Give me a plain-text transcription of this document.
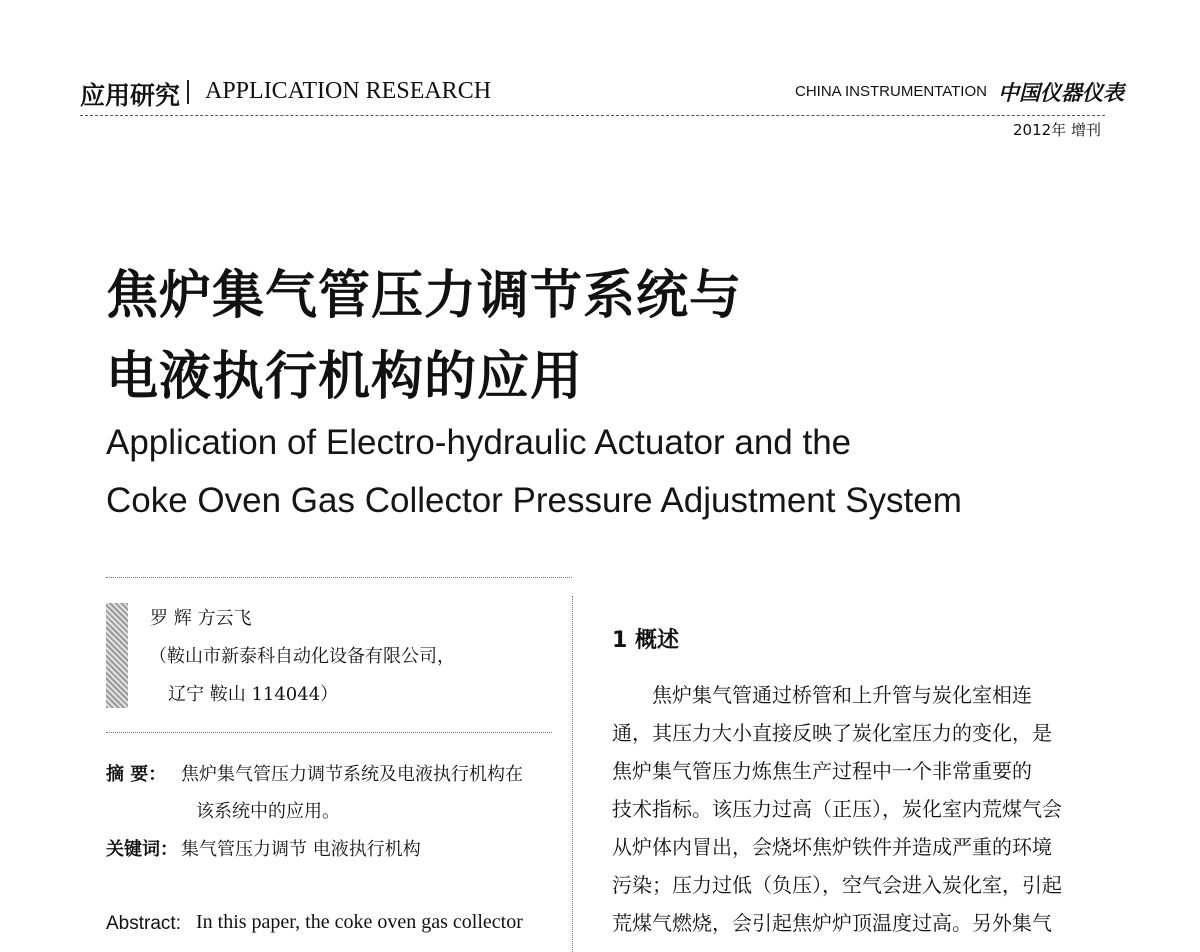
应用研究 APPLICATION RESEARCH	CHINA INSTRUMENTATION 中国仪器仪表
2012年 增刊
焦炉集气管压力调节系统与
电液执行机构的应用
Application of Electro-hydraulic Actuator and the
Coke Oven Gas Collector Pressure Adjustment System
罗 辉 方云飞
（鞍山市新泰科自动化设备有限公司，
辽宁 鞍山 114044）
摘 要： 焦炉集气管压力调节系统及电液执行机构在
该系统中的应用。
关键词： 集气管压力调节 电液执行机构
Abstract: In this paper, the coke oven gas collector
1 概述
焦炉集气管通过桥管和上升管与炭化室相连
通，其压力大小直接反映了炭化室压力的变化，是
焦炉集气管压力炼焦生产过程中一个非常重要的
技术指标。该压力过高（正压），炭化室内荒煤气会
从炉体内冒出，会烧坏焦炉铁件并造成严重的环境
污染；压力过低（负压），空气会进入炭化室，引起
荒煤气燃烧，会引起焦炉炉顶温度过高。另外集气
